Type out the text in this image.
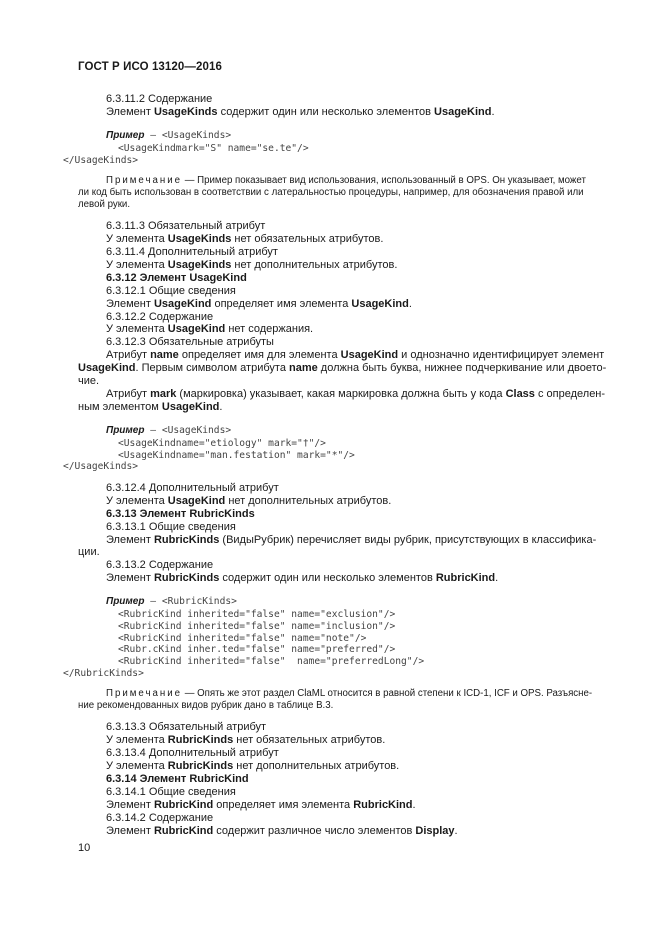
ГОСТ Р ИСО 13120—2016
6.3.11.2 Содержание
Элемент UsageKinds содержит один или несколько элементов UsageKind.
Пример — <UsageKinds>
<UsageKindmark="S" name="se.te"/>
</UsageKinds>
Примечание — Пример показывает вид использования, использованный в OPS. Он указывает, может
ли код быть использован в соответствии с латеральностью процедуры, например, для обозначения правой или
левой руки.
6.3.11.3 Обязательный атрибут
У элемента UsageKinds нет обязательных атрибутов.
6.3.11.4 Дополнительный атрибут
У элемента UsageKinds нет дополнительных атрибутов.
6.3.12 Элемент UsageKind
6.3.12.1 Общие сведения
Элемент UsageKind определяет имя элемента UsageKind.
6.3.12.2 Содержание
У элемента UsageKind нет содержания.
6.3.12.3 Обязательные атрибуты
Атрибут name определяет имя для элемента UsageKind и однозначно идентифицирует элемент
UsageKind. Первым символом атрибута name должна быть буква, нижнее подчеркивание или двоето-
чие.
Атрибут mark (маркировка) указывает, какая маркировка должна быть у кода Class с определен-
ным элементом UsageKind.
Пример — <UsageKinds>
<UsageKindname="etiology" mark="†"/>
<UsageKindname="man.festation" mark="*"/>
</UsageKinds>
6.3.12.4 Дополнительный атрибут
У элемента UsageKind нет дополнительных атрибутов.
6.3.13 Элемент RubricKinds
6.3.13.1 Общие сведения
Элемент RubricKinds (ВидыРубрик) перечисляет виды рубрик, присутствующих в классифика-
ции.
6.3.13.2 Содержание
Элемент RubricKinds содержит один или несколько элементов RubricKind.
Пример — <RubricKinds>
<RubricKind inherited="false" name="exclusion"/>
<RubricKind inherited="false" name="inclusion"/>
<RubricKind inherited="false" name="note"/>
<Rubr.cKind inher.ted="false" name="preferred"/>
<RubricKind inherited="false"  name="preferredLong"/>
</RubricKinds>
Примечание — Опять же этот раздел ClaML относится в равной степени к ICD-1, ICF и OPS. Разъясне-
ние рекомендованных видов рубрик дано в таблице B.3.
6.3.13.3 Обязательный атрибут
У элемента RubricKinds нет обязательных атрибутов.
6.3.13.4 Дополнительный атрибут
У элемента RubricKinds нет дополнительных атрибутов.
6.3.14 Элемент RubricKind
6.3.14.1 Общие сведения
Элемент RubricKind определяет имя элемента RubricKind.
6.3.14.2 Содержание
Элемент RubricKind содержит различное число элементов Display.
10
